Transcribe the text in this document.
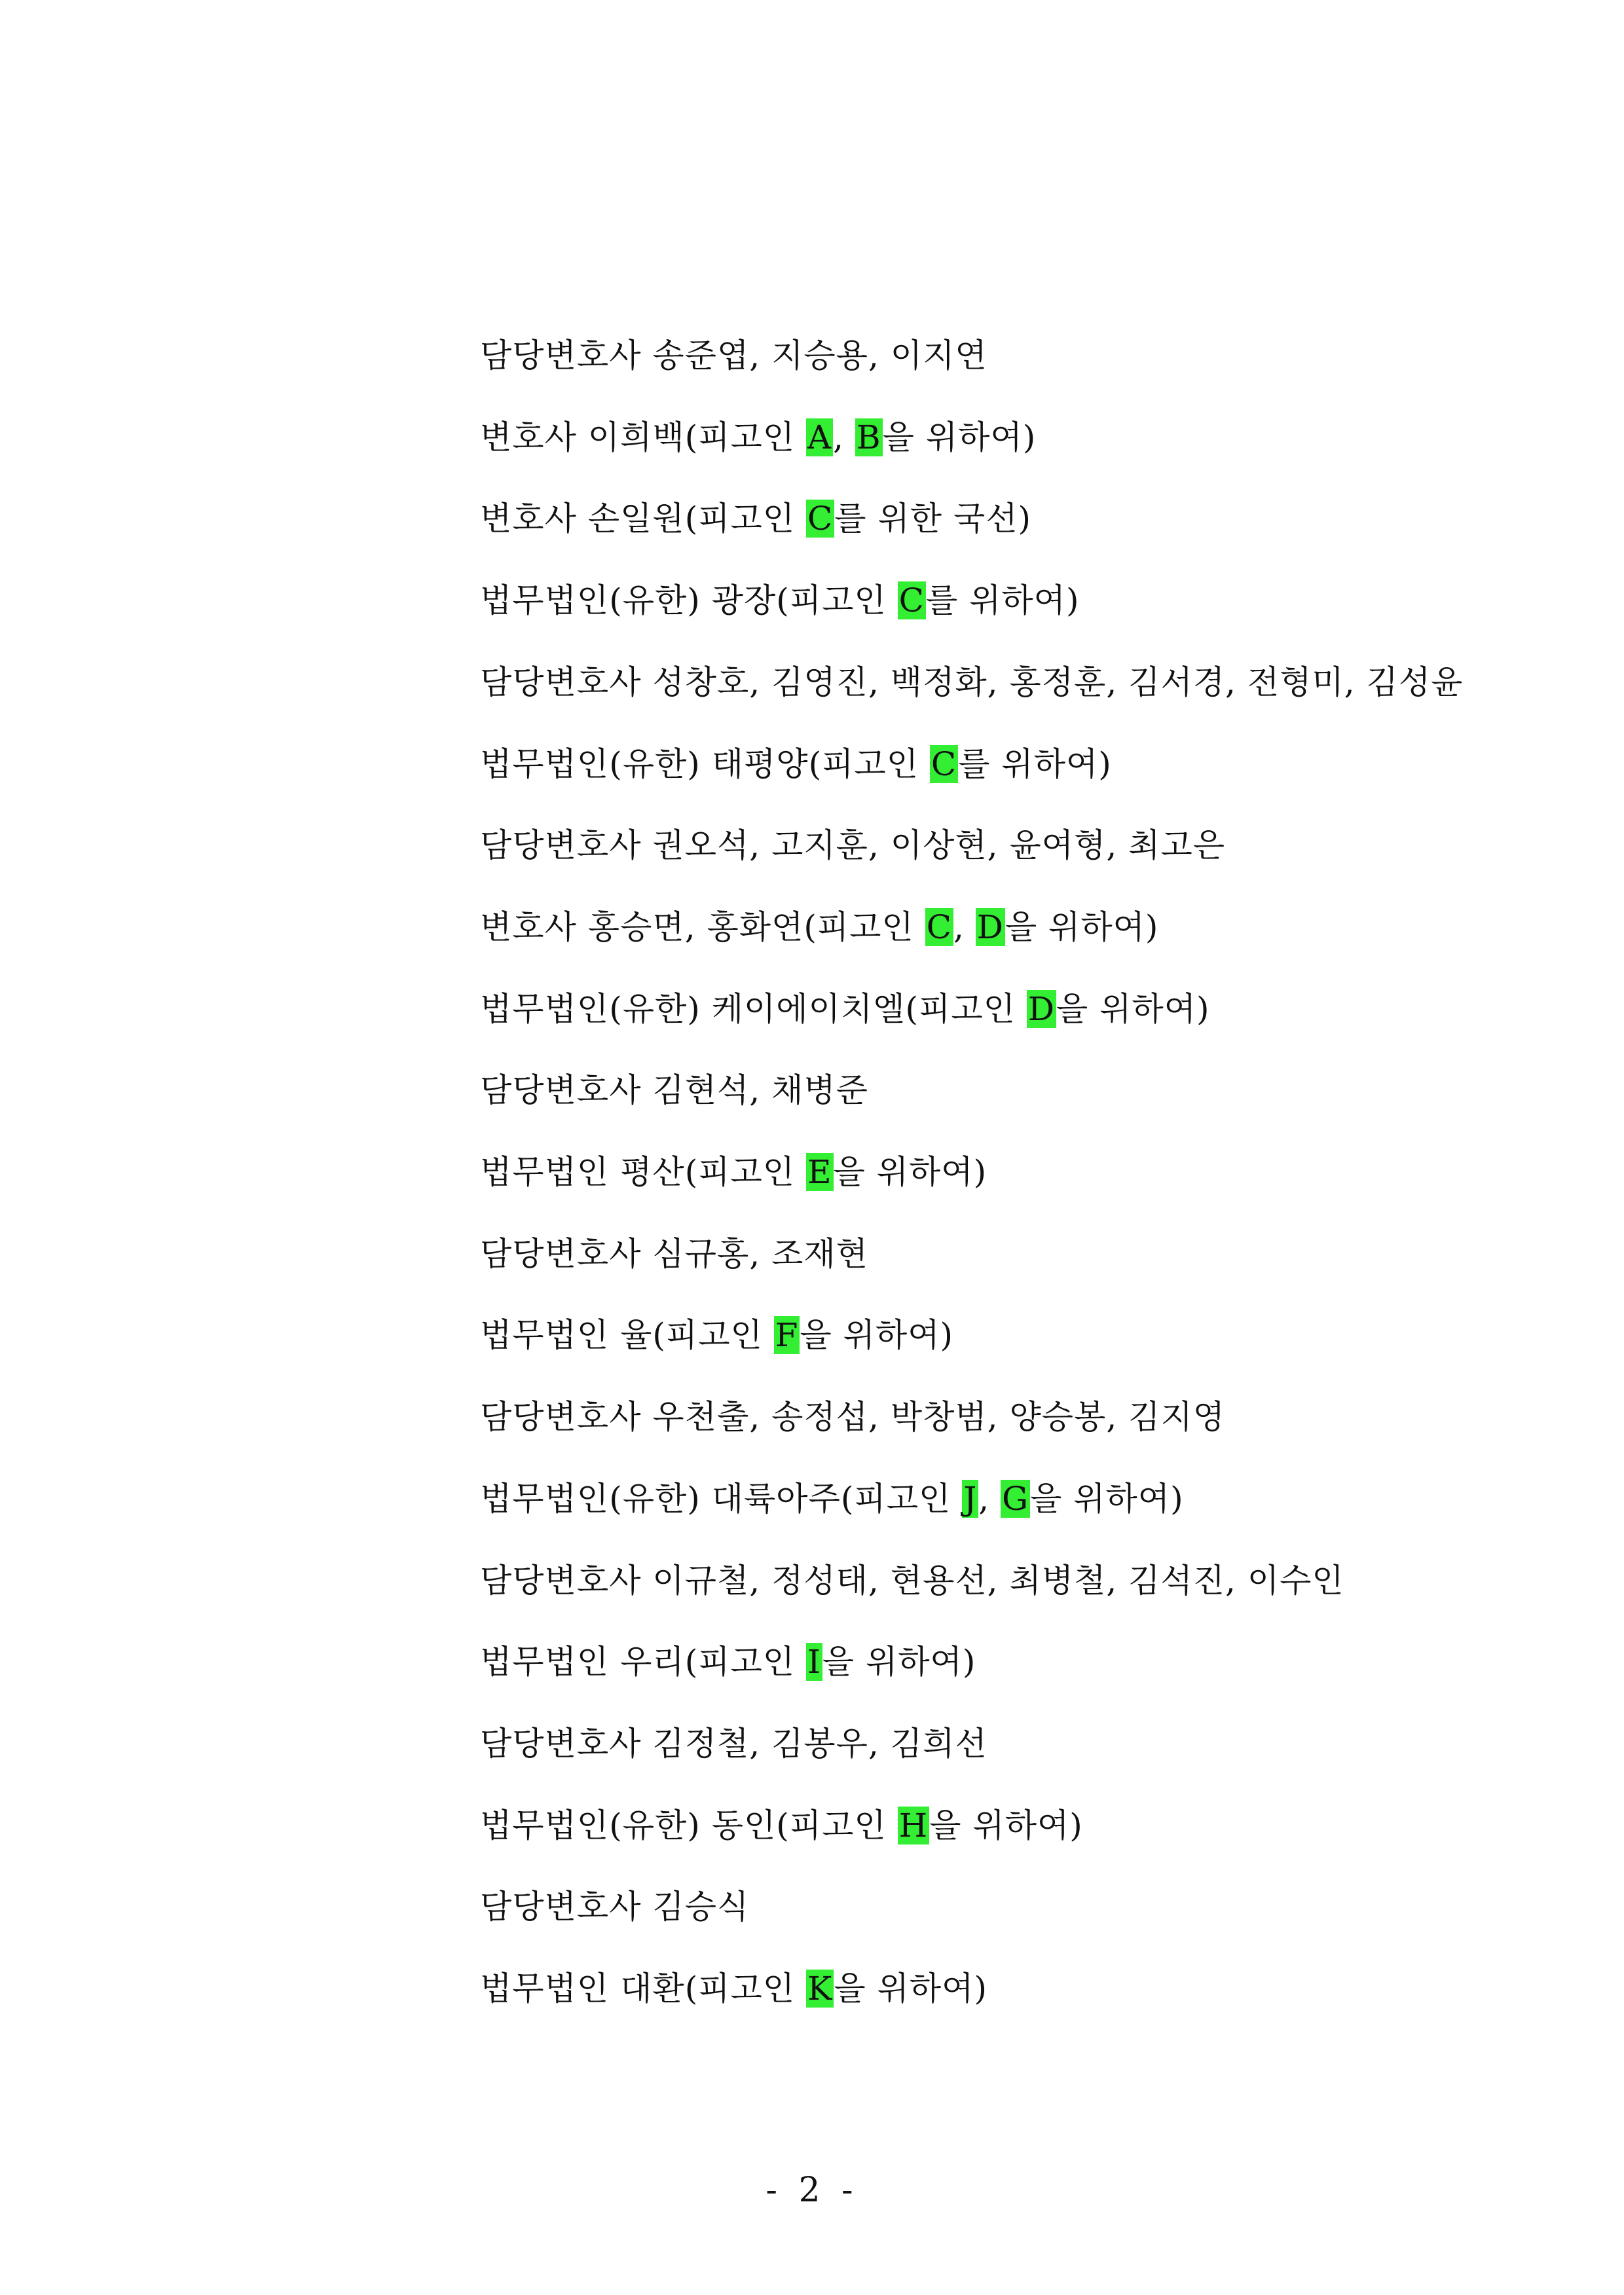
담당변호사 송준엽, 지승용, 이지연
변호사 이희백(피고인 A, B을 위하여)
변호사 손일원(피고인 C를 위한 국선)
법무법인(유한) 광장(피고인 C를 위하여)
담당변호사 성창호, 김영진, 백정화, 홍정훈, 김서경, 전형미, 김성윤
법무법인(유한) 태평양(피고인 C를 위하여)
담당변호사 권오석, 고지훈, 이상현, 윤여형, 최고은
변호사 홍승면, 홍화연(피고인 C, D을 위하여)
법무법인(유한) 케이에이치엘(피고인 D을 위하여)
담당변호사 김현석, 채병준
법무법인 평산(피고인 E을 위하여)
담당변호사 심규홍, 조재현
법무법인 율(피고인 F을 위하여)
담당변호사 우천출, 송정섭, 박창범, 양승봉, 김지영
법무법인(유한) 대륙아주(피고인 J, G을 위하여)
담당변호사 이규철, 정성태, 현용선, 최병철, 김석진, 이수인
법무법인 우리(피고인 I을 위하여)
담당변호사 김정철, 김봉우, 김희선
법무법인(유한) 동인(피고인 H을 위하여)
담당변호사 김승식
법무법인 대환(피고인 K을 위하여)
- 2 -
